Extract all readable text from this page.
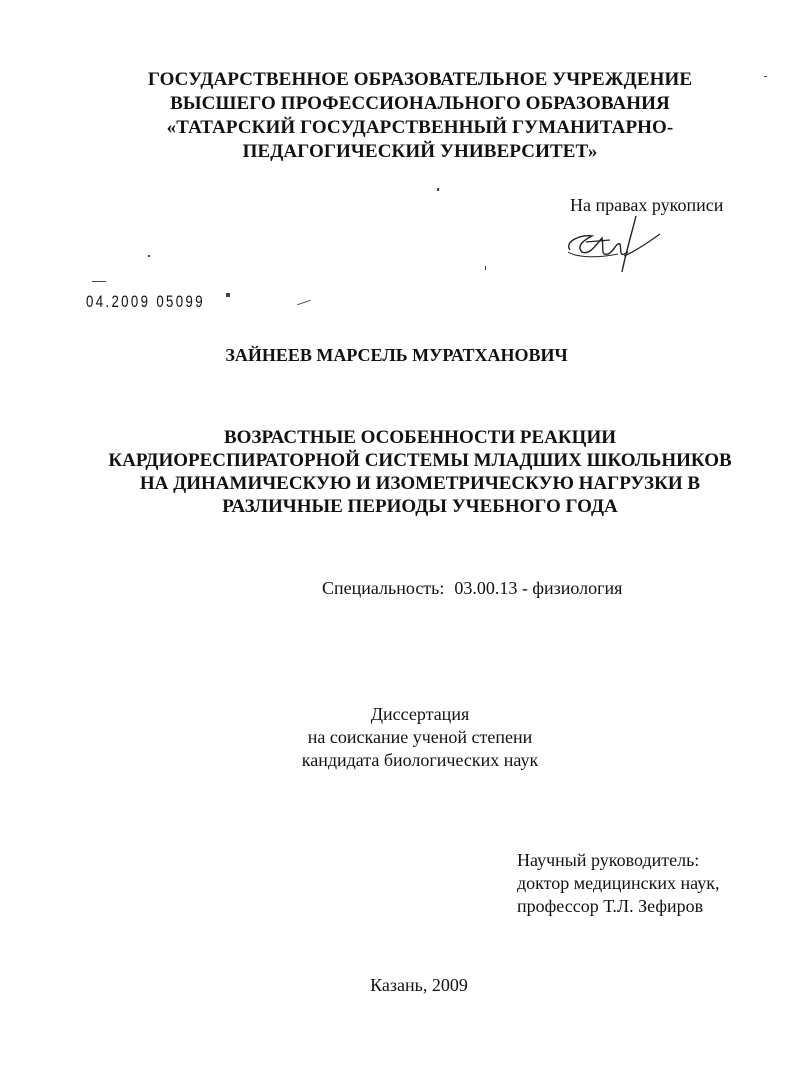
ГОСУДАРСТВЕННОЕ ОБРАЗОВАТЕЛЬНОЕ УЧРЕЖДЕНИЕ
ВЫСШЕГО ПРОФЕССИОНАЛЬНОГО ОБРАЗОВАНИЯ
«ТАТАРСКИЙ ГОСУДАРСТВЕННЫЙ ГУМАНИТАРНО-
ПЕДАГОГИЧЕСКИЙ УНИВЕРСИТЕТ»
На правах рукописи
04.2009 05099
ЗАЙНЕЕВ МАРСЕЛЬ МУРАТХАНОВИЧ
ВОЗРАСТНЫЕ ОСОБЕННОСТИ РЕАКЦИИ
КАРДИОРЕСПИРАТОРНОЙ СИСТЕМЫ МЛАДШИХ ШКОЛЬНИКОВ
НА ДИНАМИЧЕСКУЮ И ИЗОМЕТРИЧЕСКУЮ НАГРУЗКИ В
РАЗЛИЧНЫЕ ПЕРИОДЫ УЧЕБНОГО ГОДА
Специальность: 03.00.13 - физиология
Диссертация
на соискание ученой степени
кандидата биологических наук
Научный руководитель:
доктор медицинских наук,
профессор Т.Л. Зефиров
Казань, 2009
